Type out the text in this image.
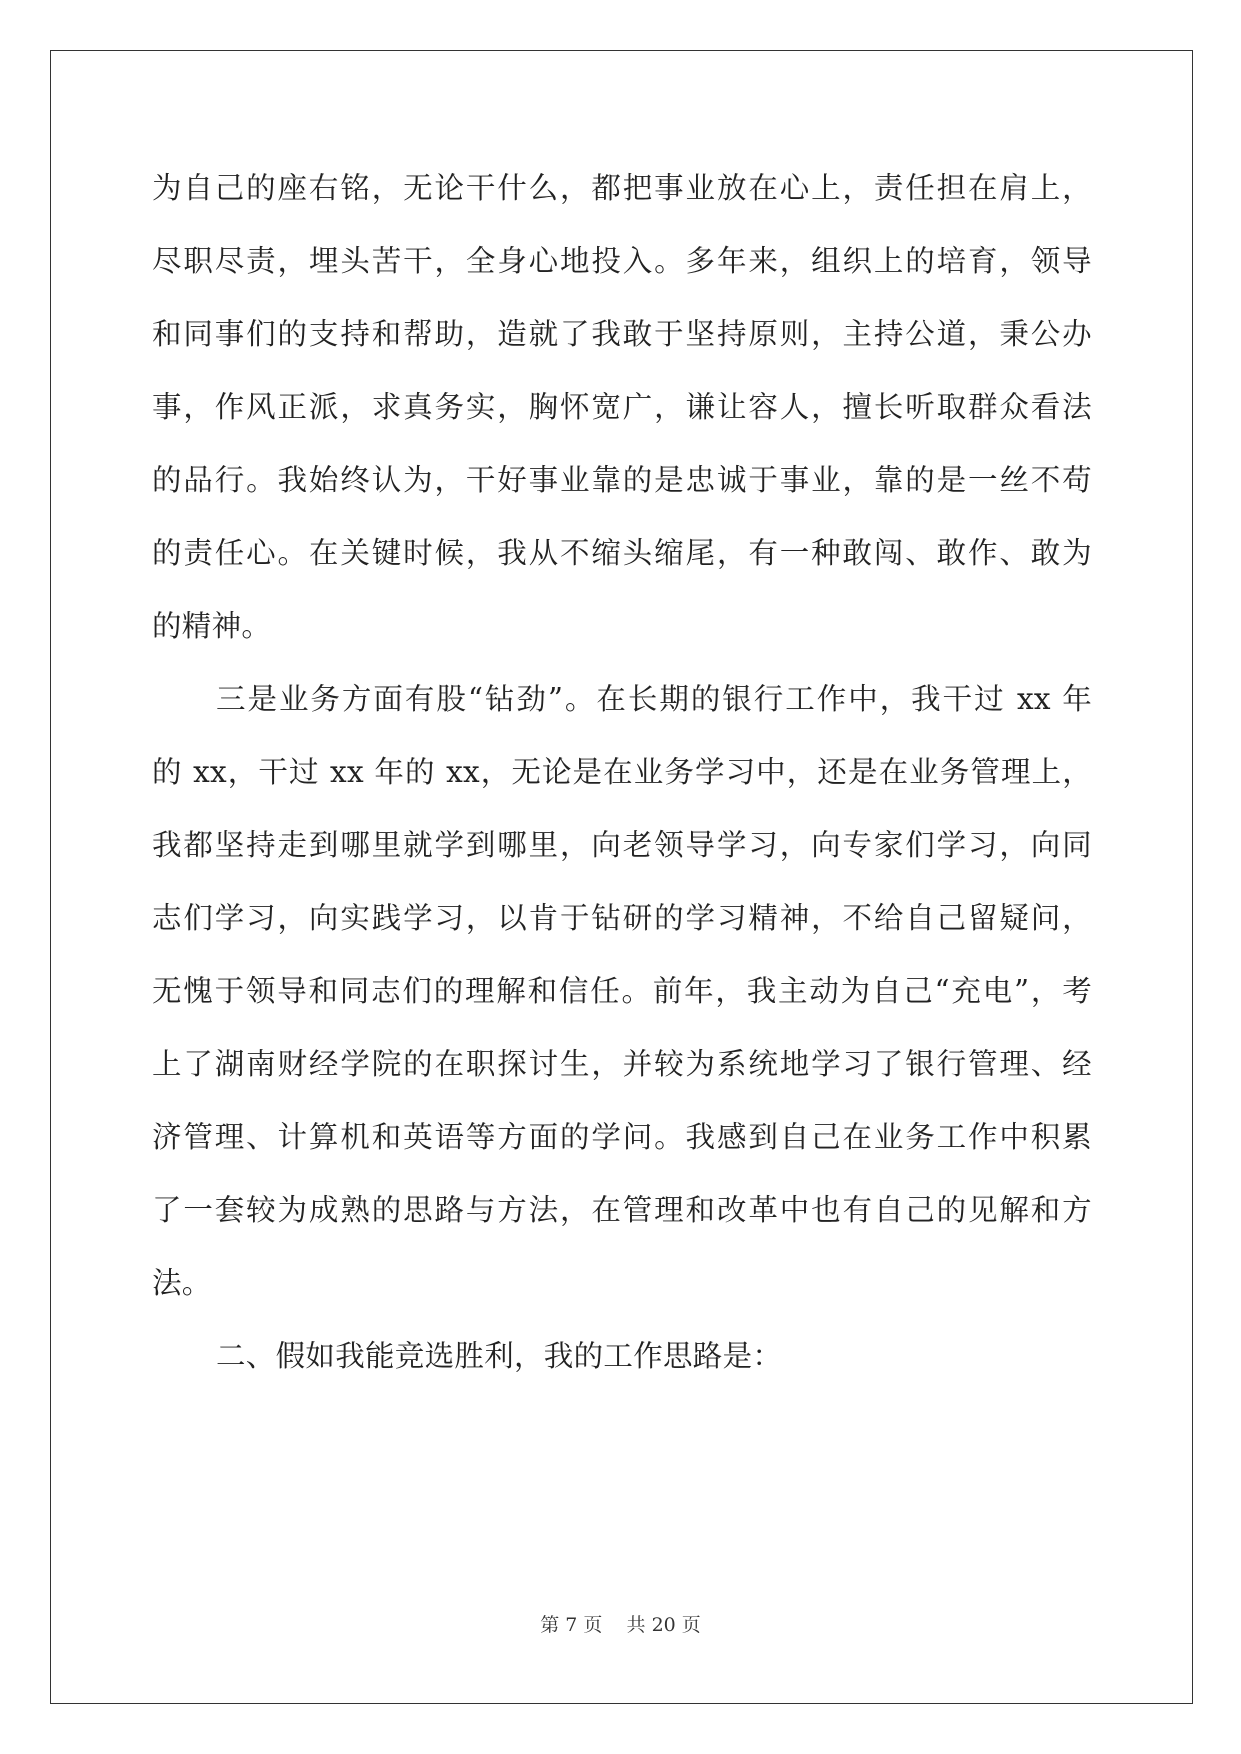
为自己的座右铭，无论干什么，都把事业放在心上，责任担在肩上，
尽职尽责，埋头苦干，全身心地投入。多年来，组织上的培育，领导
和同事们的支持和帮助，造就了我敢于坚持原则，主持公道，秉公办
事，作风正派，求真务实，胸怀宽广，谦让容人，擅长听取群众看法
的品行。我始终认为，干好事业靠的是忠诚于事业，靠的是一丝不苟
的责任心。在关键时候，我从不缩头缩尾，有一种敢闯、敢作、敢为
的精神。
三是业务方面有股“钻劲”。在长期的银行工作中，我干过 xx 年
的 xx，干过 xx 年的 xx，无论是在业务学习中，还是在业务管理上，
我都坚持走到哪里就学到哪里，向老领导学习，向专家们学习，向同
志们学习，向实践学习，以肯于钻研的学习精神，不给自己留疑问，
无愧于领导和同志们的理解和信任。前年，我主动为自己“充电”，考
上了湖南财经学院的在职探讨生，并较为系统地学习了银行管理、经
济管理、计算机和英语等方面的学问。我感到自己在业务工作中积累
了一套较为成熟的思路与方法，在管理和改革中也有自己的见解和方
法。
二、假如我能竞选胜利，我的工作思路是：
第 7 页    共 20 页
